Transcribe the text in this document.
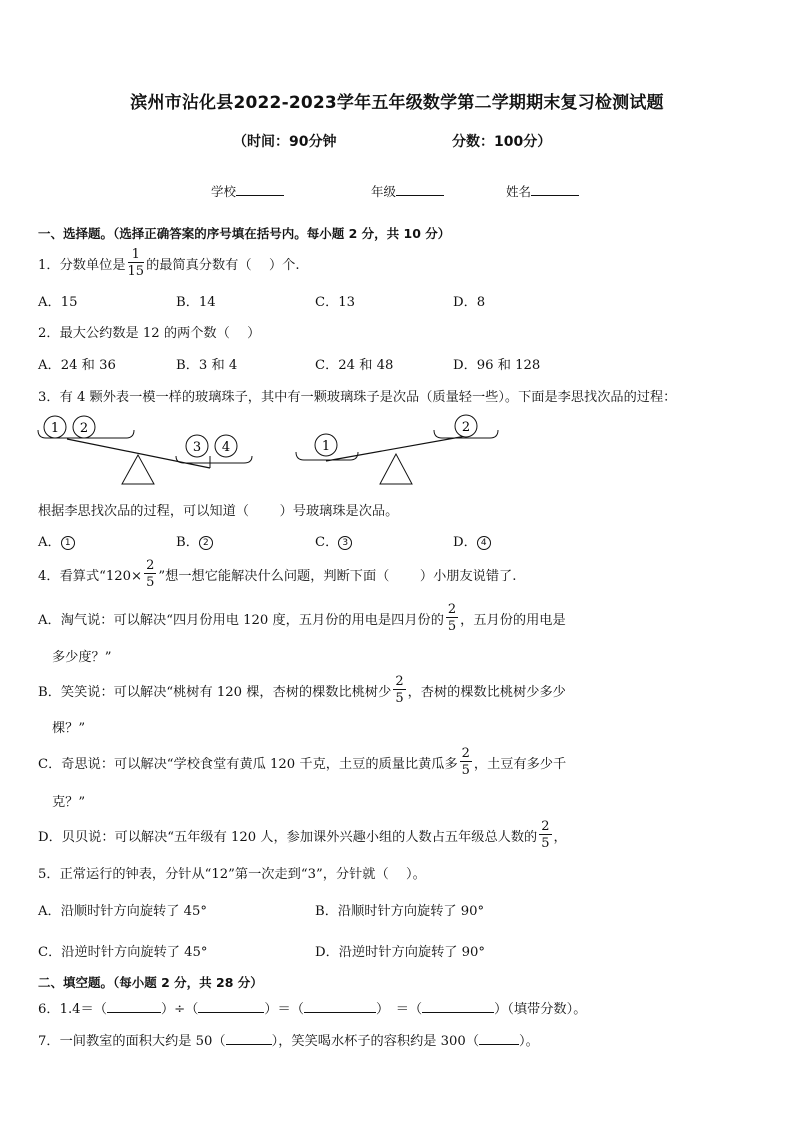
滨州市沾化县2022-2023学年五年级数学第二学期期末复习检测试题
（时间：90分钟	分数：100分）
学校	年级	姓名
一、选择题。（选择正确答案的序号填在括号内。每小题 2 分，共 10 分）
1．分数单位是 $\frac{1}{15}$ 的最简真分数有（　 ）个.
A．15	B．14	C．13	D．8
2．最大公约数是 12 的两个数（　 ）
A．24 和 36	B．3 和 4	C．24 和 48	D．96 和 128
3．有 4 颗外表一模一样的玻璃珠子，其中有一颗玻璃珠子是次品（质量轻一些）。下面是李思找次品的过程：
1 2
3 4	1
2
根据李思找次品的过程，可以知道（　　 ）号玻璃珠是次品。
A． 1	B． 2	C． 3	D． 4
4．看算式“$120\times \frac{2}{5}$ ”想一想它能解决什么问题，判断下面（　　 ）小朋友说错了.
A．淘气说：可以解决“四月份用电 120 度，五月份的用电是四月份的 $\frac{2}{5}$ ，五月份的用电是
多少度？”
B．笑笑说：可以解决“桃树有 120 棵，杏树的棵数比桃树少 $\frac{2}{5}$ ，杏树的棵数比桃树少多少
棵？”
C．奇思说：可以解决“学校食堂有黄瓜 120 千克，土豆的质量比黄瓜多 $\frac{2}{5}$ ，土豆有多少千
克？”
D．贝贝说：可以解决“五年级有 120 人，参加课外兴趣小组的人数占五年级总人数的 $\frac{2}{5}$ ，
5．正常运行的钟表，分针从“12”第一次走到“3”，分针就（　 ）。
A．沿顺时针方向旋转了 45°	B．沿顺时针方向旋转了 90°
C．沿逆时针方向旋转了 45°	D．沿逆时针方向旋转了 90°
二、填空题。（每小题 2 分，共 28 分）
6．1.4＝（	）÷（	）＝（	）　＝（	）（填带分数）。
7．一间教室的面积大约是 50（	），笑笑喝水杯子的容积约是 300（	）。
